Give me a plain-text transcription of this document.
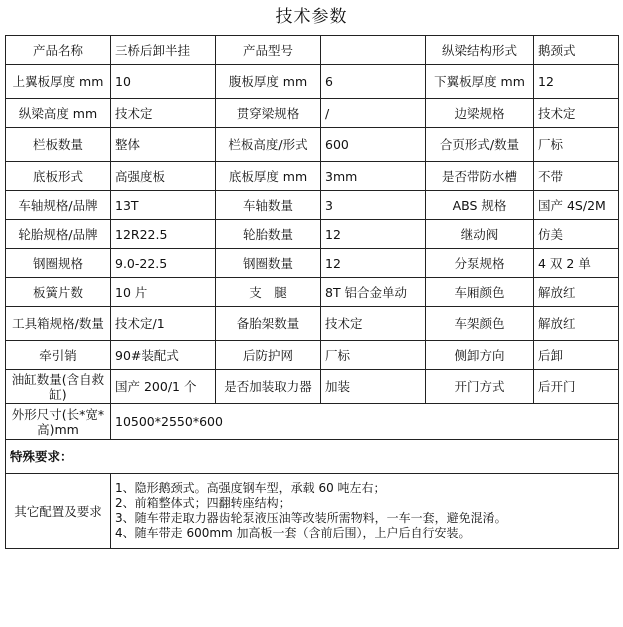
技术参数
产品名称	三桥后卸半挂	产品型号		纵梁结构形式	鹅颈式
上翼板厚度 mm	10	腹板厚度 mm	6	下翼板厚度 mm	12
纵梁高度 mm	技术定	贯穿梁规格	/	边梁规格	技术定
栏板数量	整体	栏板高度/形式	600	合页形式/数量	厂标
底板形式	高强度板	底板厚度 mm	3mm	是否带防水槽	不带
车轴规格/品牌	13T	车轴数量	3	ABS 规格	国产 4S/2M
轮胎规格/品牌	12R22.5	轮胎数量	12	继动阀	仿美
钢圈规格	9.0-22.5	钢圈数量	12	分泵规格	4 双 2 单
板簧片数	10 片	支　腿	8T 铝合金单动	车厢颜色	解放红
工具箱规格/数量	技术定/1	备胎架数量	技术定	车架颜色	解放红
牵引销	90#装配式	后防护网	厂标	侧卸方向	后卸
油缸数量(含自救缸)	国产 200/1 个	是否加装取力器	加装	开门方式	后开门
外形尺寸(长*宽*高)mm	10500*2550*600				
特殊要求：					
其它配置及要求	1、隐形鹅颈式。高强度钢车型，承载 60 吨左右；
2、前箱整体式；四翻转座结构；
3、随车带走取力器齿轮泵液压油等改装所需物料，一车一套，避免混淆。
4、随车带走 600mm 加高板一套（含前后围），上户后自行安装。				
